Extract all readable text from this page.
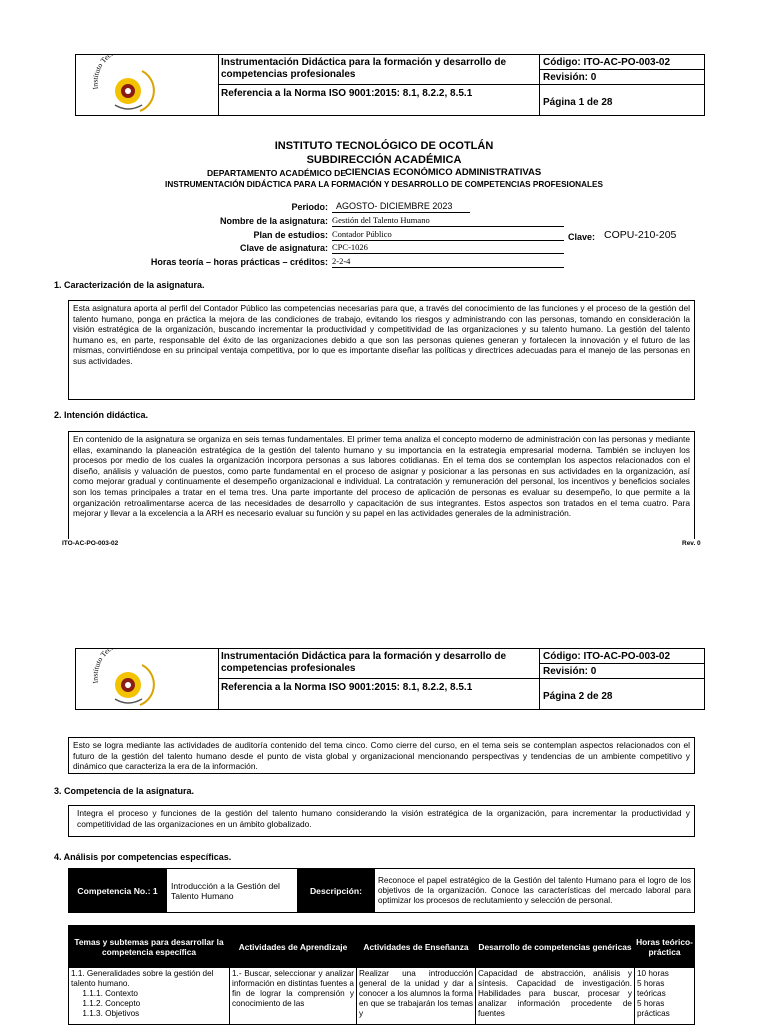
Instituto Tec
Instrumentación Didáctica para la formación y desarrollo de competencias profesionales
Referencia a la Norma ISO 9001:2015: 8.1, 8.2.2, 8.5.1
Código: ITO-AC-PO-003-02
Revisión: 0
Página 1 de 28
INSTITUTO TECNOLÓGICO DE OCOTLÁN
SUBDIRECCIÓN ACADÉMICA
DEPARTAMENTO ACADÉMICO DE CIENCIAS ECONÓMICO ADMINISTRATIVAS
INSTRUMENTACIÓN DIDÁCTICA PARA LA FORMACIÓN Y DESARROLLO DE COMPETENCIAS PROFESIONALES
Periodo: AGOSTO- DICIEMBRE 2023
Nombre de la asignatura: Gestión del Talento Humano
Plan de estudios: Contador Público
Clave de asignatura: CPC-1026
Horas teoría – horas prácticas – créditos: 2-2-4
Clave: COPU-210-205
1. Caracterización de la asignatura.
Esta asignatura aporta al perfil del Contador Público las competencias necesarias para que, a través del conocimiento de las funciones y el proceso de la gestión del talento humano, ponga en práctica la mejora de las condiciones de trabajo, evitando los riesgos y administrando con las personas, tomando en consideración la visión estratégica de la organización, buscando incrementar la productividad y competitividad de las organizaciones y su talento humano. La gestión del talento humano es, en parte, responsable del éxito de las organizaciones debido a que son las personas quienes generan y fortalecen la innovación y el futuro de las mismas, convirtiéndose en su principal ventaja competitiva, por lo que es importante diseñar las políticas y directrices adecuadas para el manejo de las personas en sus actividades.
2. Intención didáctica.
En contenido de la asignatura se organiza en seis temas fundamentales. El primer tema analiza el concepto moderno de administración con las personas y mediante ellas, examinando la planeación estratégica de la gestión del talento humano y su importancia en la estrategia empresarial moderna. También se incluyen los procesos por medio de los cuales la organización incorpora personas a sus labores cotidianas. En el tema dos se contemplan los aspectos relacionados con el diseño, análisis y valuación de puestos, como parte fundamental en el proceso de asignar y posicionar a las personas en sus actividades en la organización, así como mejorar gradual y continuamente el desempeño organizacional e individual. La contratación y remuneración del personal, los incentivos y beneficios sociales son los temas principales a tratar en el tema tres. Una parte importante del proceso de aplicación de personas es evaluar su desempeño, lo que permite a la organización retroalimentarse acerca de las necesidades de desarrollo y capacitación de sus integrantes. Estos aspectos son tratados en el tema cuatro. Para mejorar y llevar a la excelencia a la ARH es necesario evaluar su función y su papel en las actividades generales de la administración.
ITO-AC-PO-003-02	Rev. 0
Instituto Tec
Instrumentación Didáctica para la formación y desarrollo de competencias profesionales
Referencia a la Norma ISO 9001:2015: 8.1, 8.2.2, 8.5.1
Código: ITO-AC-PO-003-02
Revisión: 0
Página 2 de 28
Esto se logra mediante las actividades de auditoría contenido del tema cinco. Como cierre del curso, en el tema seis se contemplan aspectos relacionados con el futuro de la gestión del talento humano desde el punto de vista global y organizacional mencionando perspectivas y tendencias de un ambiente competitivo y dinámico que caracteriza la era de la información.
3. Competencia de la asignatura.
Integra el proceso y funciones de la gestión del talento humano considerando la visión estratégica de la organización, para incrementar la productividad y competitividad de las organizaciones en un ámbito globalizado.
4. Análisis por competencias específicas.
Competencia No.: 1	Introducción a la Gestión del Talento Humano	Descripción:	Reconoce el papel estratégico de la Gestión del talento Humano para el logro de los objetivos de la organización. Conoce las características del mercado laboral para optimizar los procesos de reclutamiento y selección de personal.
Temas y subtemas para desarrollar la competencia específica	Actividades de Aprendizaje	Actividades de Enseñanza	Desarrollo de competencias genéricas	Horas teórico-práctica
1.1. Generalidades sobre la gestión del talento humano.
1.1.1. Contexto
1.1.2. Concepto
1.1.3. Objetivos	1.- Buscar, seleccionar y analizar información en distintas fuentes a fin de lograr la comprensión y conocimiento de las	Realizar una introducción general de la unidad y dar a conocer a los alumnos la forma en que se trabajarán los temas y	Capacidad de abstracción, análisis y síntesis. Capacidad de investigación. Habilidades para buscar, procesar y analizar información procedente de fuentes	10 horas
5 horas teóricas
5 horas prácticas
